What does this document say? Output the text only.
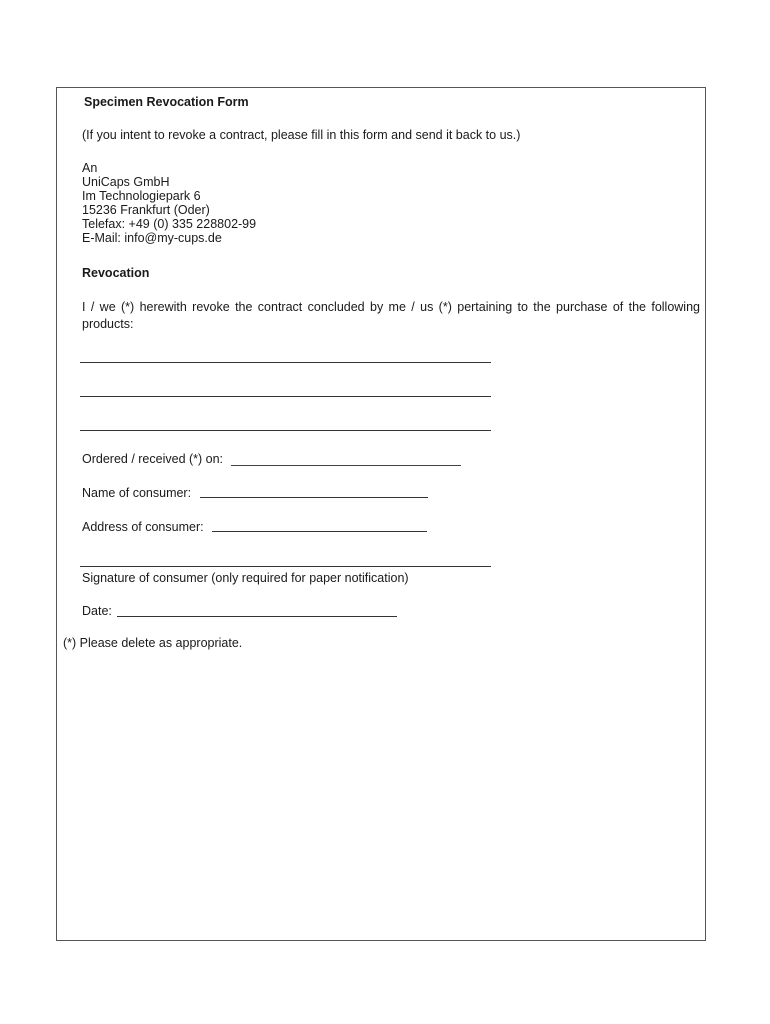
Specimen Revocation Form
(If you intent to revoke a contract, please fill in this form and send it back to us.)
An
UniCaps GmbH
Im Technologiepark 6
15236 Frankfurt (Oder)
Telefax: +49 (0) 335 228802-99
E-Mail: info@my-cups.de
Revocation
I / we (*) herewith revoke the contract concluded by me / us (*) pertaining to the purchase of the following products:
Ordered / received (*) on:
Name of consumer:
Address of consumer:
Signature of consumer (only required for paper notification)
Date:
(*) Please delete as appropriate.
